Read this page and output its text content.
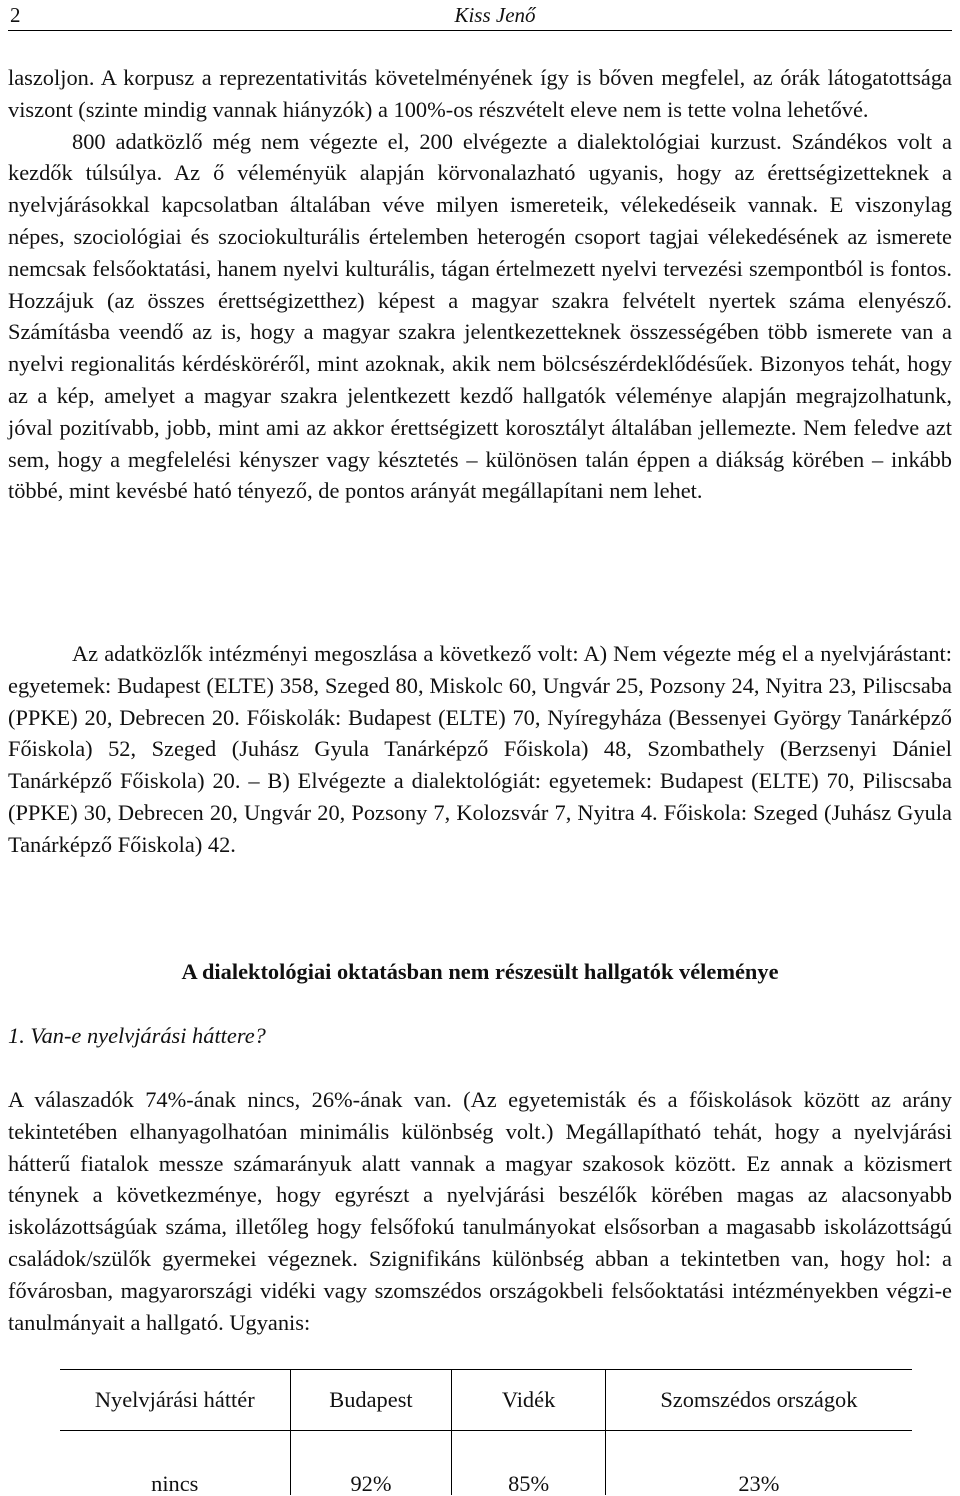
2	Kiss Jenő

laszoljon. A korpusz a reprezentativitás követelményének így is bőven megfelel, az órák látogatottsága viszont (szinte mindig vannak hiányzók) a 100%-os részvételt eleve nem is tette volna lehetővé.

800 adatközlő még nem végezte el, 200 elvégezte a dialektológiai kurzust. Szándékos volt a kezdők túlsúlya. Az ő véleményük alapján körvonalazható ugyanis, hogy az érettségizetteknek a nyelvjárásokkal kapcsolatban általában véve milyen ismereteik, vélekedéseik vannak. E viszonylag népes, szociológiai és szociokulturális értelemben heterogén csoport tagjai vélekedésének az ismerete nemcsak felsőoktatási, hanem nyelvi kulturális, tágan értelmezett nyelvi tervezési szempontból is fontos. Hozzájuk (az összes érettségizetthez) képest a magyar szakra felvételt nyertek száma elenyésző. Számításba veendő az is, hogy a magyar szakra jelentkezetteknek összességében több ismerete van a nyelvi regionalitás kérdésköréről, mint azoknak, akik nem bölcsészérdeklődésűek. Bizonyos tehát, hogy az a kép, amelyet a magyar szakra jelentkezett kezdő hallgatók véleménye alapján megrajzolhatunk, jóval pozitívabb, jobb, mint ami az akkor érettségizett korosztályt általában jellemezte. Nem feledve azt sem, hogy a megfelelési kényszer vagy késztetés – különösen talán éppen a diákság körében – inkább többé, mint kevésbé ható tényező, de pontos arányát megállapítani nem lehet.

Az adatközlők intézményi megoszlása a következő volt: A) Nem végezte még el a nyelvjárástant: egyetemek: Budapest (ELTE) 358, Szeged 80, Miskolc 60, Ungvár 25, Pozsony 24, Nyitra 23, Piliscsaba (PPKE) 20, Debrecen 20. Főiskolák: Budapest (ELTE) 70, Nyíregyháza (Bessenyei György Tanárképző Főiskola) 52, Szeged (Juhász Gyula Tanárképző Főiskola) 48, Szombathely (Berzsenyi Dániel Tanárképző Főiskola) 20. – B) Elvégezte a dialektológiát: egyetemek: Budapest (ELTE) 70, Piliscsaba (PPKE) 30, Debrecen 20, Ungvár 20, Pozsony 7, Kolozsvár 7, Nyitra 4. Főiskola: Szeged (Juhász Gyula Tanárképző Főiskola) 42.

A dialektológiai oktatásban nem részesült hallgatók véleménye
1. Van-e nyelvjárási háttere?

A válaszadók 74%-ának nincs, 26%-ának van. (Az egyetemisták és a főiskolások között az arány tekintetében elhanyagolhatóan minimális különbség volt.) Megállapítható tehát, hogy a nyelvjárási hátterű fiatalok messze számarányuk alatt vannak a magyar szakosok között. Ez annak a közismert ténynek a következménye, hogy egyrészt a nyelvjárási beszélők körében magas az alacsonyabb iskolázottságúak száma, illetőleg hogy felsőfokú tanulmányokat elsősorban a magasabb iskolázottságú családok/szülők gyermekei végeznek. Szignifikáns különbség abban a tekintetben van, hogy hol: a fővárosban, magyarországi vidéki vagy szomszédos országokbeli felsőoktatási intézményekben végzi-e tanulmányait a hallgató. Ugyanis:

Nyelvjárási háttér	Budapest	Vidék	Szomszédos országok
nincs	92%	85%	23%
